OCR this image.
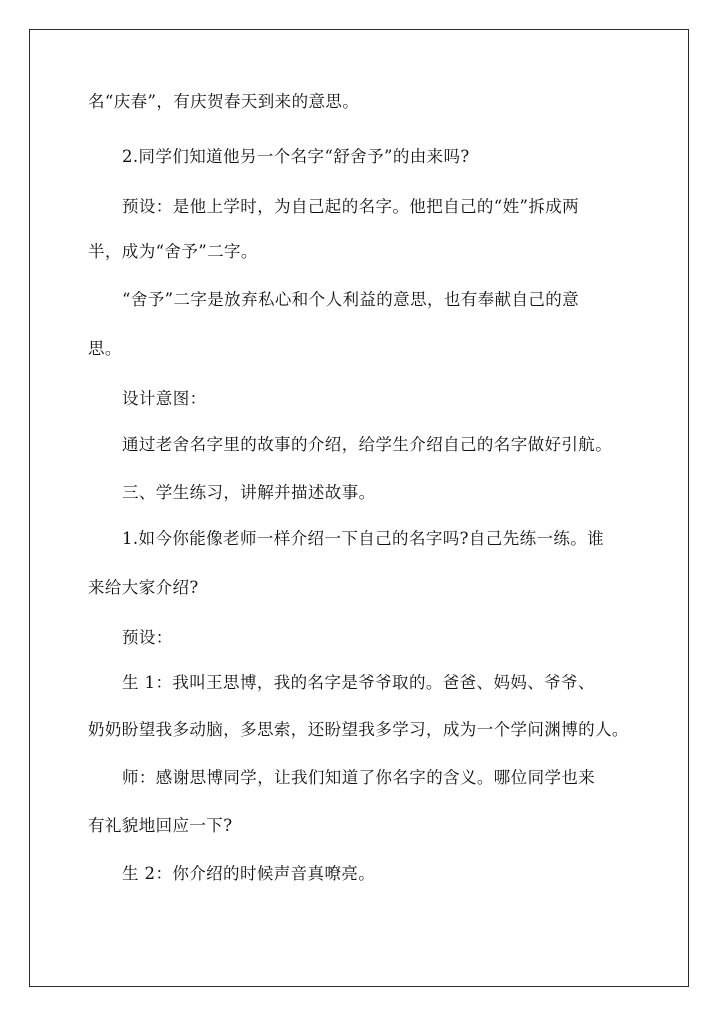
名“庆春”，有庆贺春天到来的意思。
2.同学们知道他另一个名字“舒舍予”的由来吗?
预设：是他上学时，为自己起的名字。他把自己的“姓”拆成两
半，成为“舍予”二字。
“舍予”二字是放弃私心和个人利益的意思，也有奉献自己的意
思。
设计意图：
通过老舍名字里的故事的介绍，给学生介绍自己的名字做好引航。
三、学生练习，讲解并描述故事。
1.如今你能像老师一样介绍一下自己的名字吗?自己先练一练。谁
来给大家介绍?
预设：
生 1：我叫王思博，我的名字是爷爷取的。爸爸、妈妈、爷爷、
奶奶盼望我多动脑，多思索，还盼望我多学习，成为一个学问渊博的人。
师：感谢思博同学，让我们知道了你名字的含义。哪位同学也来
有礼貌地回应一下?
生 2：你介绍的时候声音真嘹亮。
